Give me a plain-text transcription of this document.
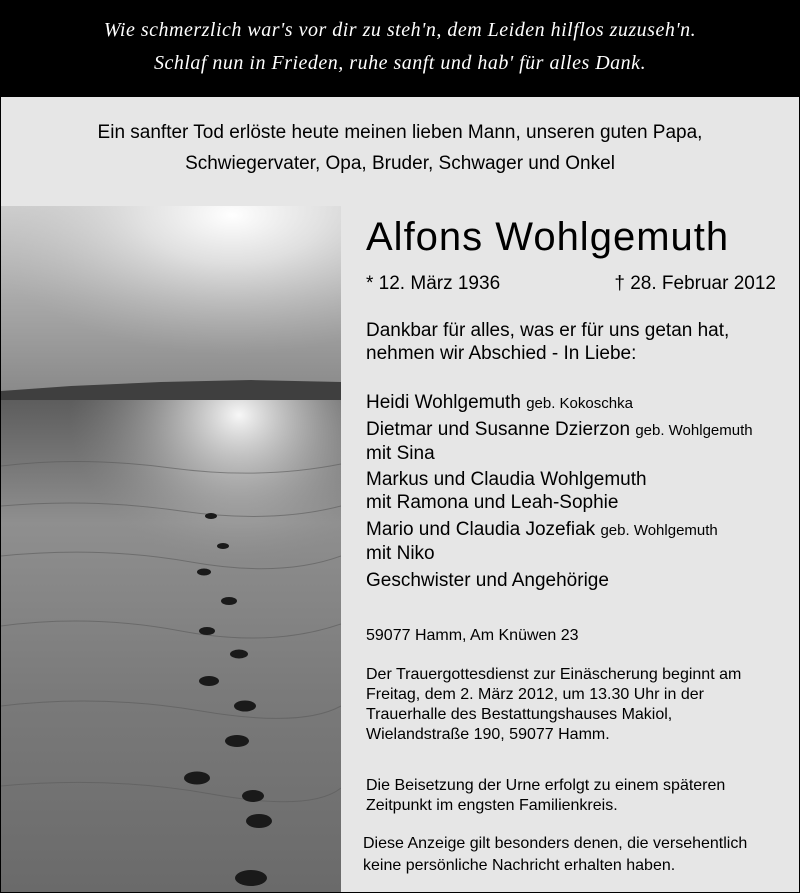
Wie schmerzlich war's vor dir zu steh'n, dem Leiden hilflos zuzuseh'n.
Schlaf nun in Frieden, ruhe sanft und hab' für alles Dank.
Ein sanfter Tod erlöste heute meinen lieben Mann, unseren guten Papa,
Schwiegervater, Opa, Bruder, Schwager und Onkel
Alfons Wohlgemuth
* 12. März 1936	† 28. Februar 2012
Dankbar für alles, was er für uns getan hat,
nehmen wir Abschied - In Liebe:
Heidi Wohlgemuth geb. Kokoschka
Dietmar und Susanne Dzierzon geb. Wohlgemuth
mit Sina
Markus und Claudia Wohlgemuth
mit Ramona und Leah-Sophie
Mario und Claudia Jozefiak geb. Wohlgemuth
mit Niko
Geschwister und Angehörige
59077 Hamm, Am Knüwen 23
Der Trauergottesdienst zur Einäscherung beginnt am
Freitag, dem 2. März 2012, um 13.30 Uhr in der
Trauerhalle des Bestattungshauses Makiol,
Wielandstraße 190, 59077 Hamm.
Die Beisetzung der Urne erfolgt zu einem späteren
Zeitpunkt im engsten Familienkreis.
Diese Anzeige gilt besonders denen, die versehentlich
keine persönliche Nachricht erhalten haben.
